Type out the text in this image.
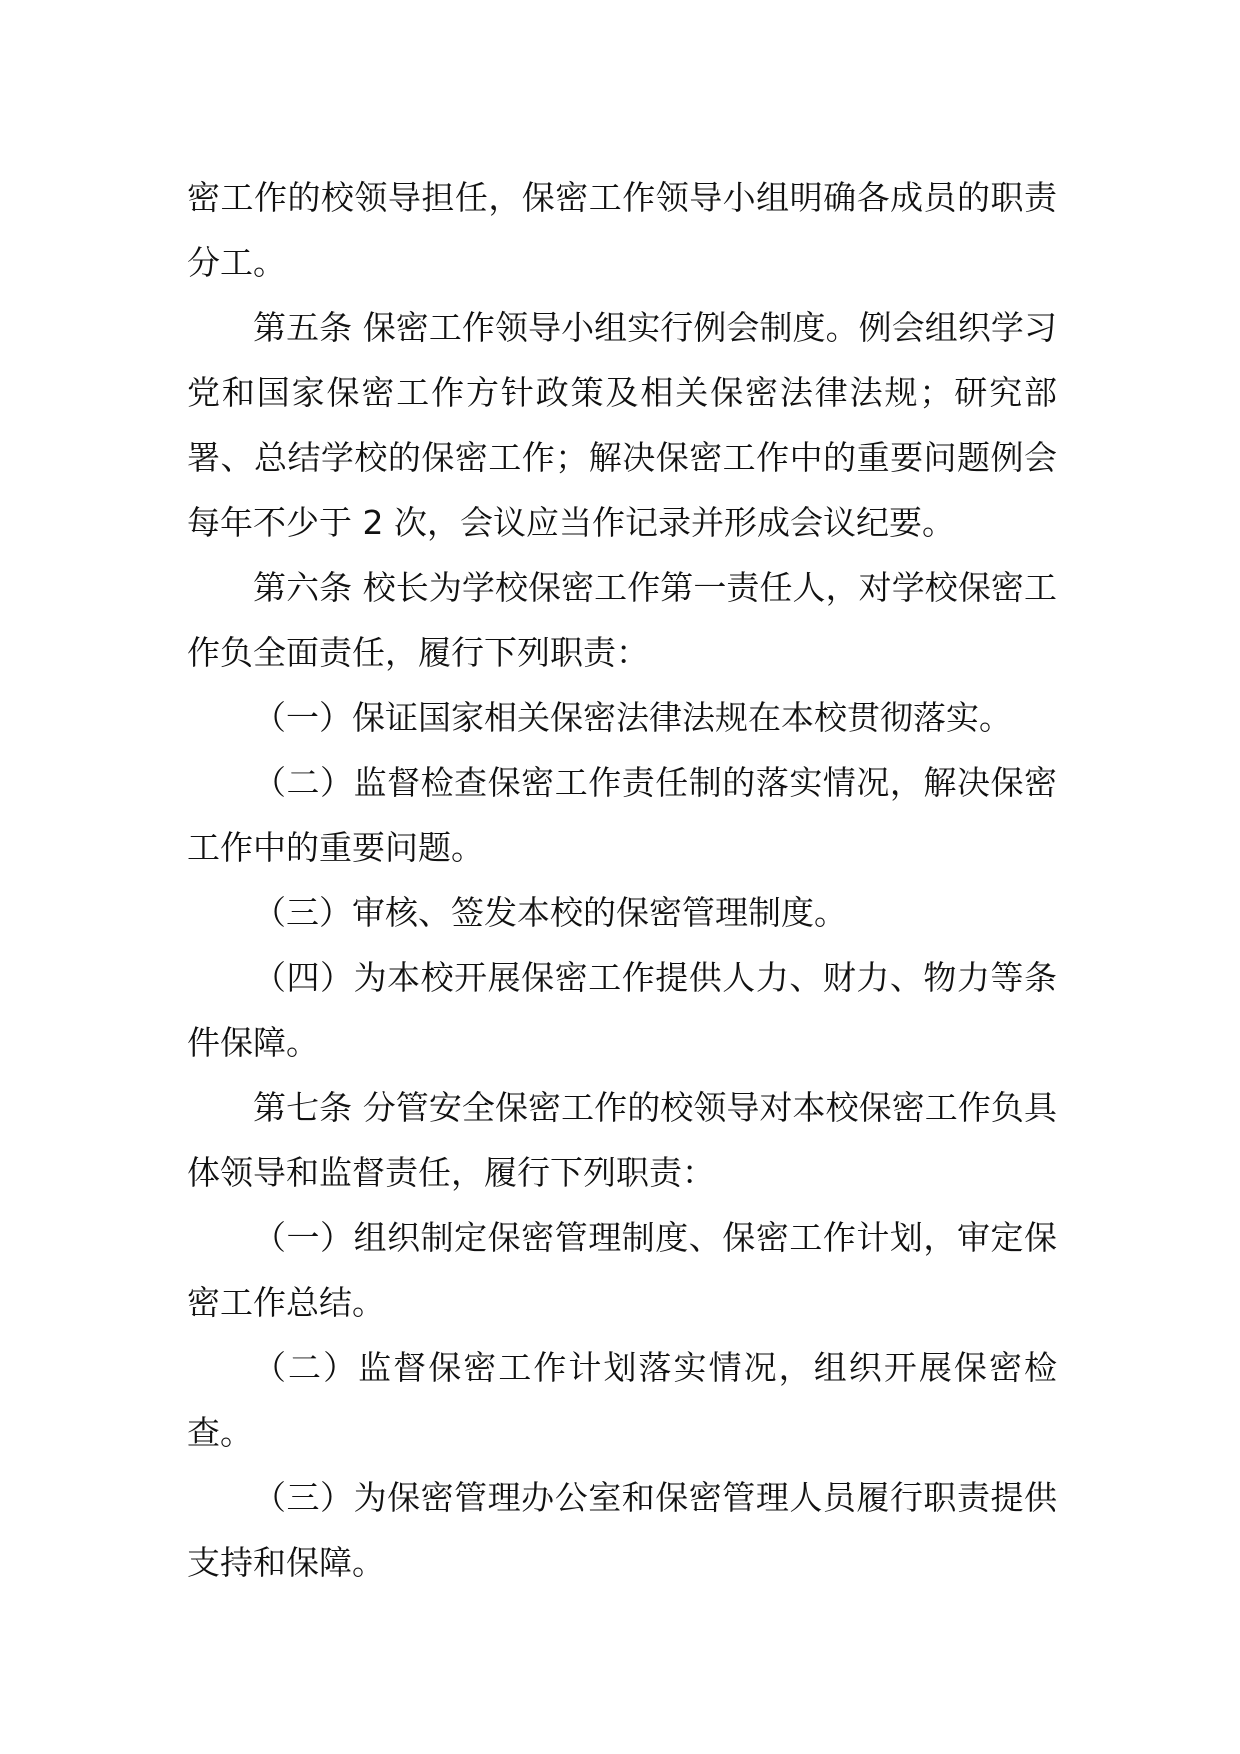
密工作的校领导担任，保密工作领导小组明确各成员的职责分工。

第五条 保密工作领导小组实行例会制度。例会组织学习党和国家保密工作方针政策及相关保密法律法规；研究部署、总结学校的保密工作；解决保密工作中的重要问题例会每年不少于 2 次，会议应当作记录并形成会议纪要。

第六条 校长为学校保密工作第一责任人，对学校保密工作负全面责任，履行下列职责：

（一）保证国家相关保密法律法规在本校贯彻落实。

（二）监督检查保密工作责任制的落实情况，解决保密工作中的重要问题。

（三）审核、签发本校的保密管理制度。

（四）为本校开展保密工作提供人力、财力、物力等条件保障。

第七条 分管安全保密工作的校领导对本校保密工作负具体领导和监督责任，履行下列职责：

（一）组织制定保密管理制度、保密工作计划，审定保密工作总结。

（二）监督保密工作计划落实情况，组织开展保密检查。

（三）为保密管理办公室和保密管理人员履行职责提供支持和保障。
